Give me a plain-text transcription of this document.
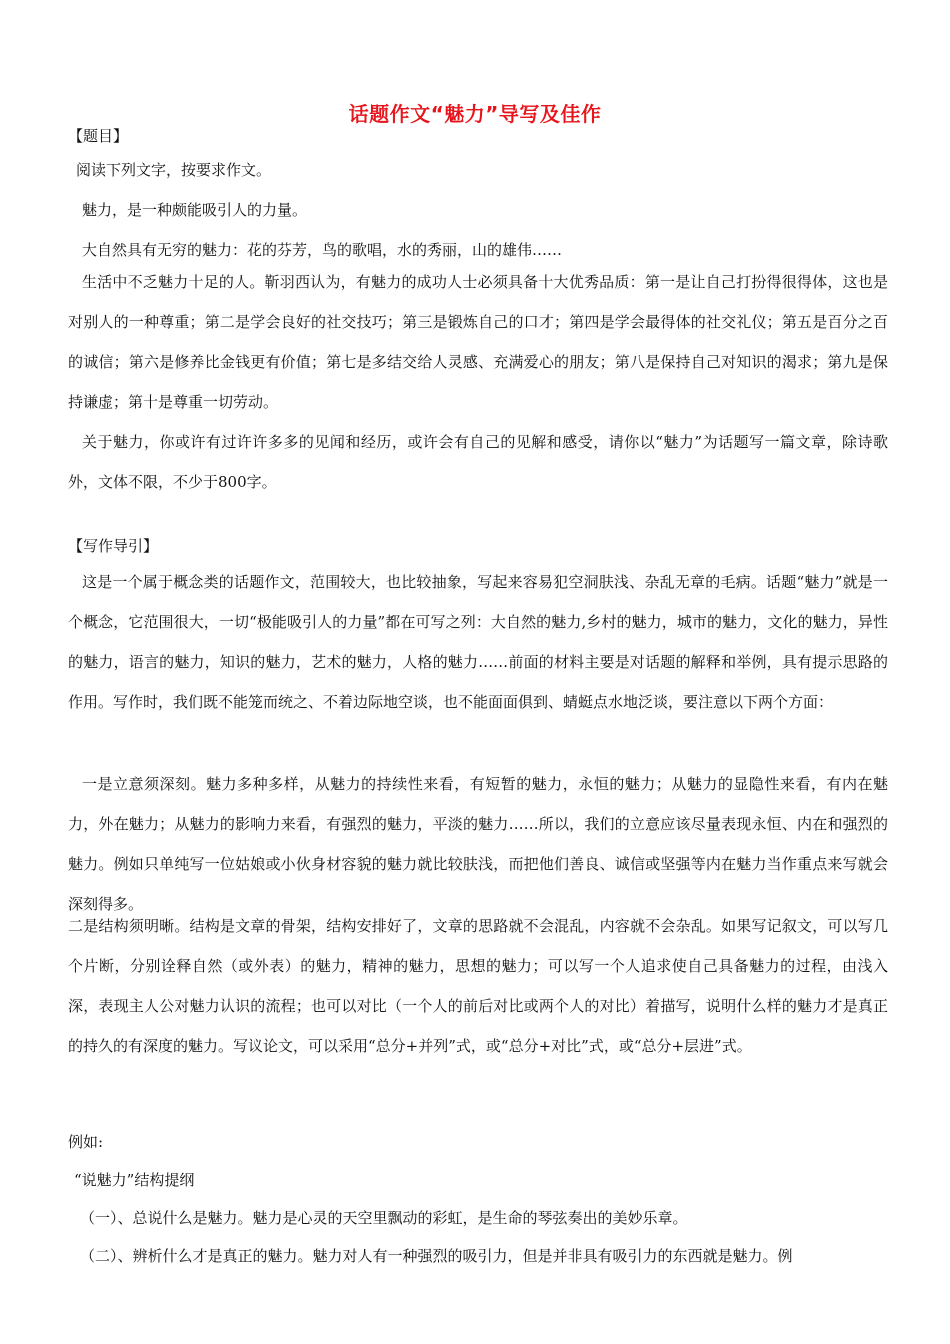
话题作文“魅力”导写及佳作
【题目】

阅读下列文字，按要求作文。

魅力，是一种颇能吸引人的力量。

大自然具有无穷的魅力：花的芬芳，鸟的歌唱，水的秀丽，山的雄伟……

生活中不乏魅力十足的人。靳羽西认为，有魅力的成功人士必须具备十大优秀品质：第一是让自己打扮得很得体，这也是对别人的一种尊重；第二是学会良好的社交技巧；第三是锻炼自己的口才；第四是学会最得体的社交礼仪；第五是百分之百的诚信；第六是修养比金钱更有价值；第七是多结交给人灵感、充满爱心的朋友；第八是保持自己对知识的渴求；第九是保持谦虚；第十是尊重一切劳动。

关于魅力，你或许有过许许多多的见闻和经历，或许会有自己的见解和感受，请你以“魅力”为话题写一篇文章，除诗歌外，文体不限，不少于800字。

【写作导引】

这是一个属于概念类的话题作文，范围较大，也比较抽象，写起来容易犯空洞肤浅、杂乱无章的毛病。话题“魅力”就是一个概念，它范围很大，一切“极能吸引人的力量”都在可写之列：大自然的魅力,乡村的魅力，城市的魅力，文化的魅力，异性的魅力，语言的魅力，知识的魅力，艺术的魅力，人格的魅力……前面的材料主要是对话题的解释和举例，具有提示思路的作用。写作时，我们既不能笼而统之、不着边际地空谈，也不能面面俱到、蜻蜓点水地泛谈，要注意以下两个方面：

一是立意须深刻。魅力多种多样，从魅力的持续性来看，有短暂的魅力，永恒的魅力；从魅力的显隐性来看，有内在魅力，外在魅力；从魅力的影响力来看，有强烈的魅力，平淡的魅力……所以，我们的立意应该尽量表现永恒、内在和强烈的魅力。例如只单纯写一位姑娘或小伙身材容貌的魅力就比较肤浅，而把他们善良、诚信或坚强等内在魅力当作重点来写就会深刻得多。

二是结构须明晰。结构是文章的骨架，结构安排好了，文章的思路就不会混乱，内容就不会杂乱。如果写记叙文，可以写几个片断，分别诠释自然（或外表）的魅力，精神的魅力，思想的魅力；可以写一个人追求使自己具备魅力的过程，由浅入深，表现主人公对魅力认识的流程；也可以对比（一个人的前后对比或两个人的对比）着描写，说明什么样的魅力才是真正的持久的有深度的魅力。写议论文，可以采用“总分+并列”式，或“总分+对比”式，或“总分+层进”式。

例如:
“说魅力”结构提纲
（一）、总说什么是魅力。魅力是心灵的天空里飘动的彩虹，是生命的琴弦奏出的美妙乐章。
（二）、辨析什么才是真正的魅力。魅力对人有一种强烈的吸引力，但是并非具有吸引力的东西就是魅力。例
